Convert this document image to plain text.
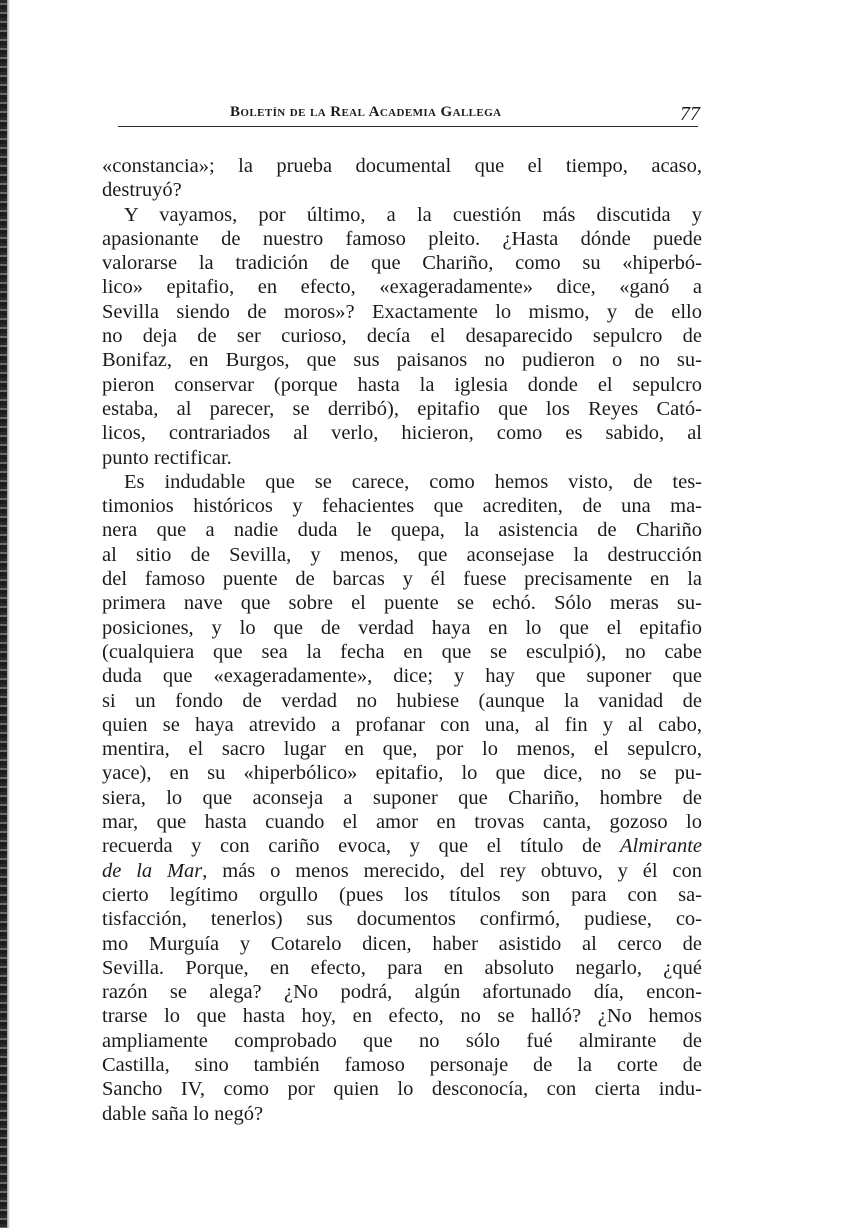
Boletín de la Real Academia Gallega	77
«constancia»; la prueba documental que el tiempo, acaso,
destruyó?
Y vayamos, por último, a la cuestión más discutida y
apasionante de nuestro famoso pleito. ¿Hasta dónde puede
valorarse la tradición de que Chariño, como su «hiperbó-
lico» epitafio, en efecto, «exageradamente» dice, «ganó a
Sevilla siendo de moros»? Exactamente lo mismo, y de ello
no deja de ser curioso, decía el desaparecido sepulcro de
Bonifaz, en Burgos, que sus paisanos no pudieron o no su-
pieron conservar (porque hasta la iglesia donde el sepulcro
estaba, al parecer, se derribó), epitafio que los Reyes Cató-
licos, contrariados al verlo, hicieron, como es sabido, al
punto rectificar.
Es indudable que se carece, como hemos visto, de tes-
timonios históricos y fehacientes que acrediten, de una ma-
nera que a nadie duda le quepa, la asistencia de Chariño
al sitio de Sevilla, y menos, que aconsejase la destrucción
del famoso puente de barcas y él fuese precisamente en la
primera nave que sobre el puente se echó. Sólo meras su-
posiciones, y lo que de verdad haya en lo que el epitafio
(cualquiera que sea la fecha en que se esculpió), no cabe
duda que «exageradamente», dice; y hay que suponer que
si un fondo de verdad no hubiese (aunque la vanidad de
quien se haya atrevido a profanar con una, al fin y al cabo,
mentira, el sacro lugar en que, por lo menos, el sepulcro,
yace), en su «hiperbólico» epitafio, lo que dice, no se pu-
siera, lo que aconseja a suponer que Chariño, hombre de
mar, que hasta cuando el amor en trovas canta, gozoso lo
recuerda y con cariño evoca, y que el título de Almirante
de la Mar, más o menos merecido, del rey obtuvo, y él con
cierto legítimo orgullo (pues los títulos son para con sa-
tisfacción, tenerlos) sus documentos confirmó, pudiese, co-
mo Murguía y Cotarelo dicen, haber asistido al cerco de
Sevilla. Porque, en efecto, para en absoluto negarlo, ¿qué
razón se alega? ¿No podrá, algún afortunado día, encon-
trarse lo que hasta hoy, en efecto, no se halló? ¿No hemos
ampliamente comprobado que no sólo fué almirante de
Castilla, sino también famoso personaje de la corte de
Sancho IV, como por quien lo desconocía, con cierta indu-
dable saña lo negó?
